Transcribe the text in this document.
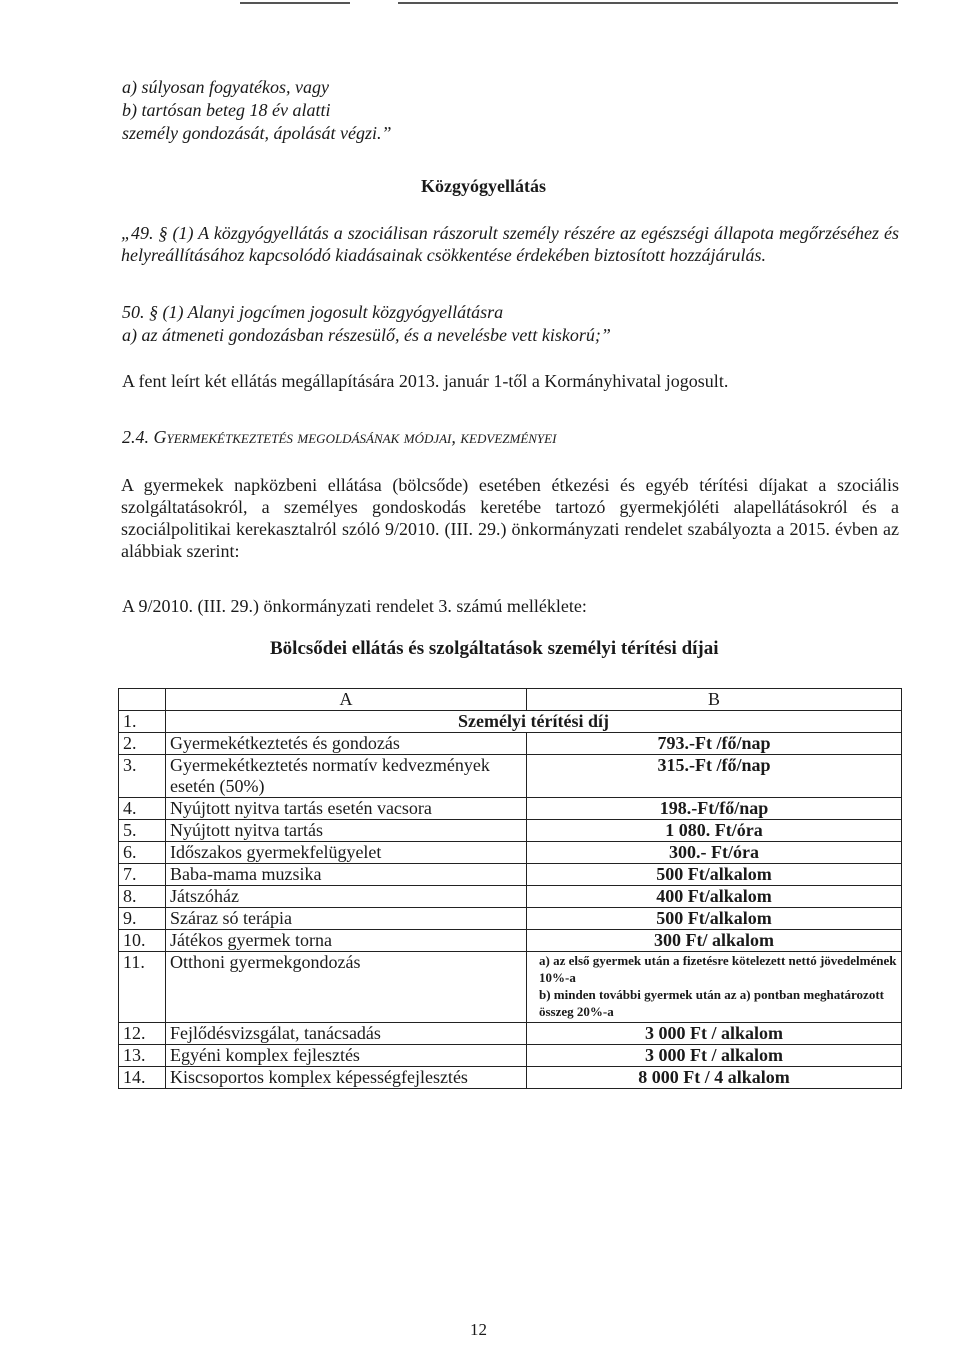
a) súlyosan fogyatékos, vagy
b) tartósan beteg 18 év alatti
személy gondozását, ápolását végzi.”
Közgyógyellátás
„49. § (1) A közgyógyellátás a szociálisan rászorult személy részére az egészségi állapota megőrzéséhez és helyreállításához kapcsolódó kiadásainak csökkentése érdekében biztosított hozzájárulás.
50. § (1) Alanyi jogcímen jogosult közgyógyellátásra
a) az átmeneti gondozásban részesülő, és a nevelésbe vett kiskorú;”
A fent leírt két ellátás megállapítására 2013. január 1-től a Kormányhivatal jogosult.
2.4. Gyermekétkeztetés megoldásának módjai, kedvezményei
A gyermekek napközbeni ellátása (bölcsőde) esetében étkezési és egyéb térítési díjakat a szociális szolgáltatásokról, a személyes gondoskodás keretébe tartozó gyermekjóléti alapellátásokról és a szociálpolitikai kerekasztalról szóló 9/2010. (III. 29.) önkormányzati rendelet szabályozta a 2015. évben az alábbiak szerint:
A 9/2010. (III. 29.) önkormányzati rendelet 3. számú melléklete:
Bölcsődei ellátás és szolgáltatások személyi térítési díjai
	A	B
1.	Személyi térítési díj	
2.	Gyermekétkeztetés és gondozás	793.-Ft /fő/nap
3.	Gyermekétkeztetés normatív kedvezmények esetén (50%)	315.-Ft /fő/nap
4.	Nyújtott nyitva tartás esetén vacsora	198.-Ft/fő/nap
5.	Nyújtott nyitva tartás	1 080. Ft/óra
6.	Időszakos gyermekfelügyelet	300.- Ft/óra
7.	Baba-mama muzsika	500 Ft/alkalom
8.	Játszóház	400 Ft/alkalom
9.	Száraz só terápia	500 Ft/alkalom
10.	Játékos gyermek torna	300 Ft/ alkalom
11.	Otthoni gyermekgondozás	a) az első gyermek után a fizetésre kötelezett nettó jövedelmének 10%-a
b) minden további gyermek után az a) pontban meghatározott összeg 20%-a

12.	Fejlődésvizsgálat, tanácsadás	3 000 Ft / alkalom
13.	Egyéni komplex fejlesztés	3 000 Ft / alkalom
14.	Kiscsoportos komplex képességfejlesztés	8 000 Ft / 4 alkalom
12
